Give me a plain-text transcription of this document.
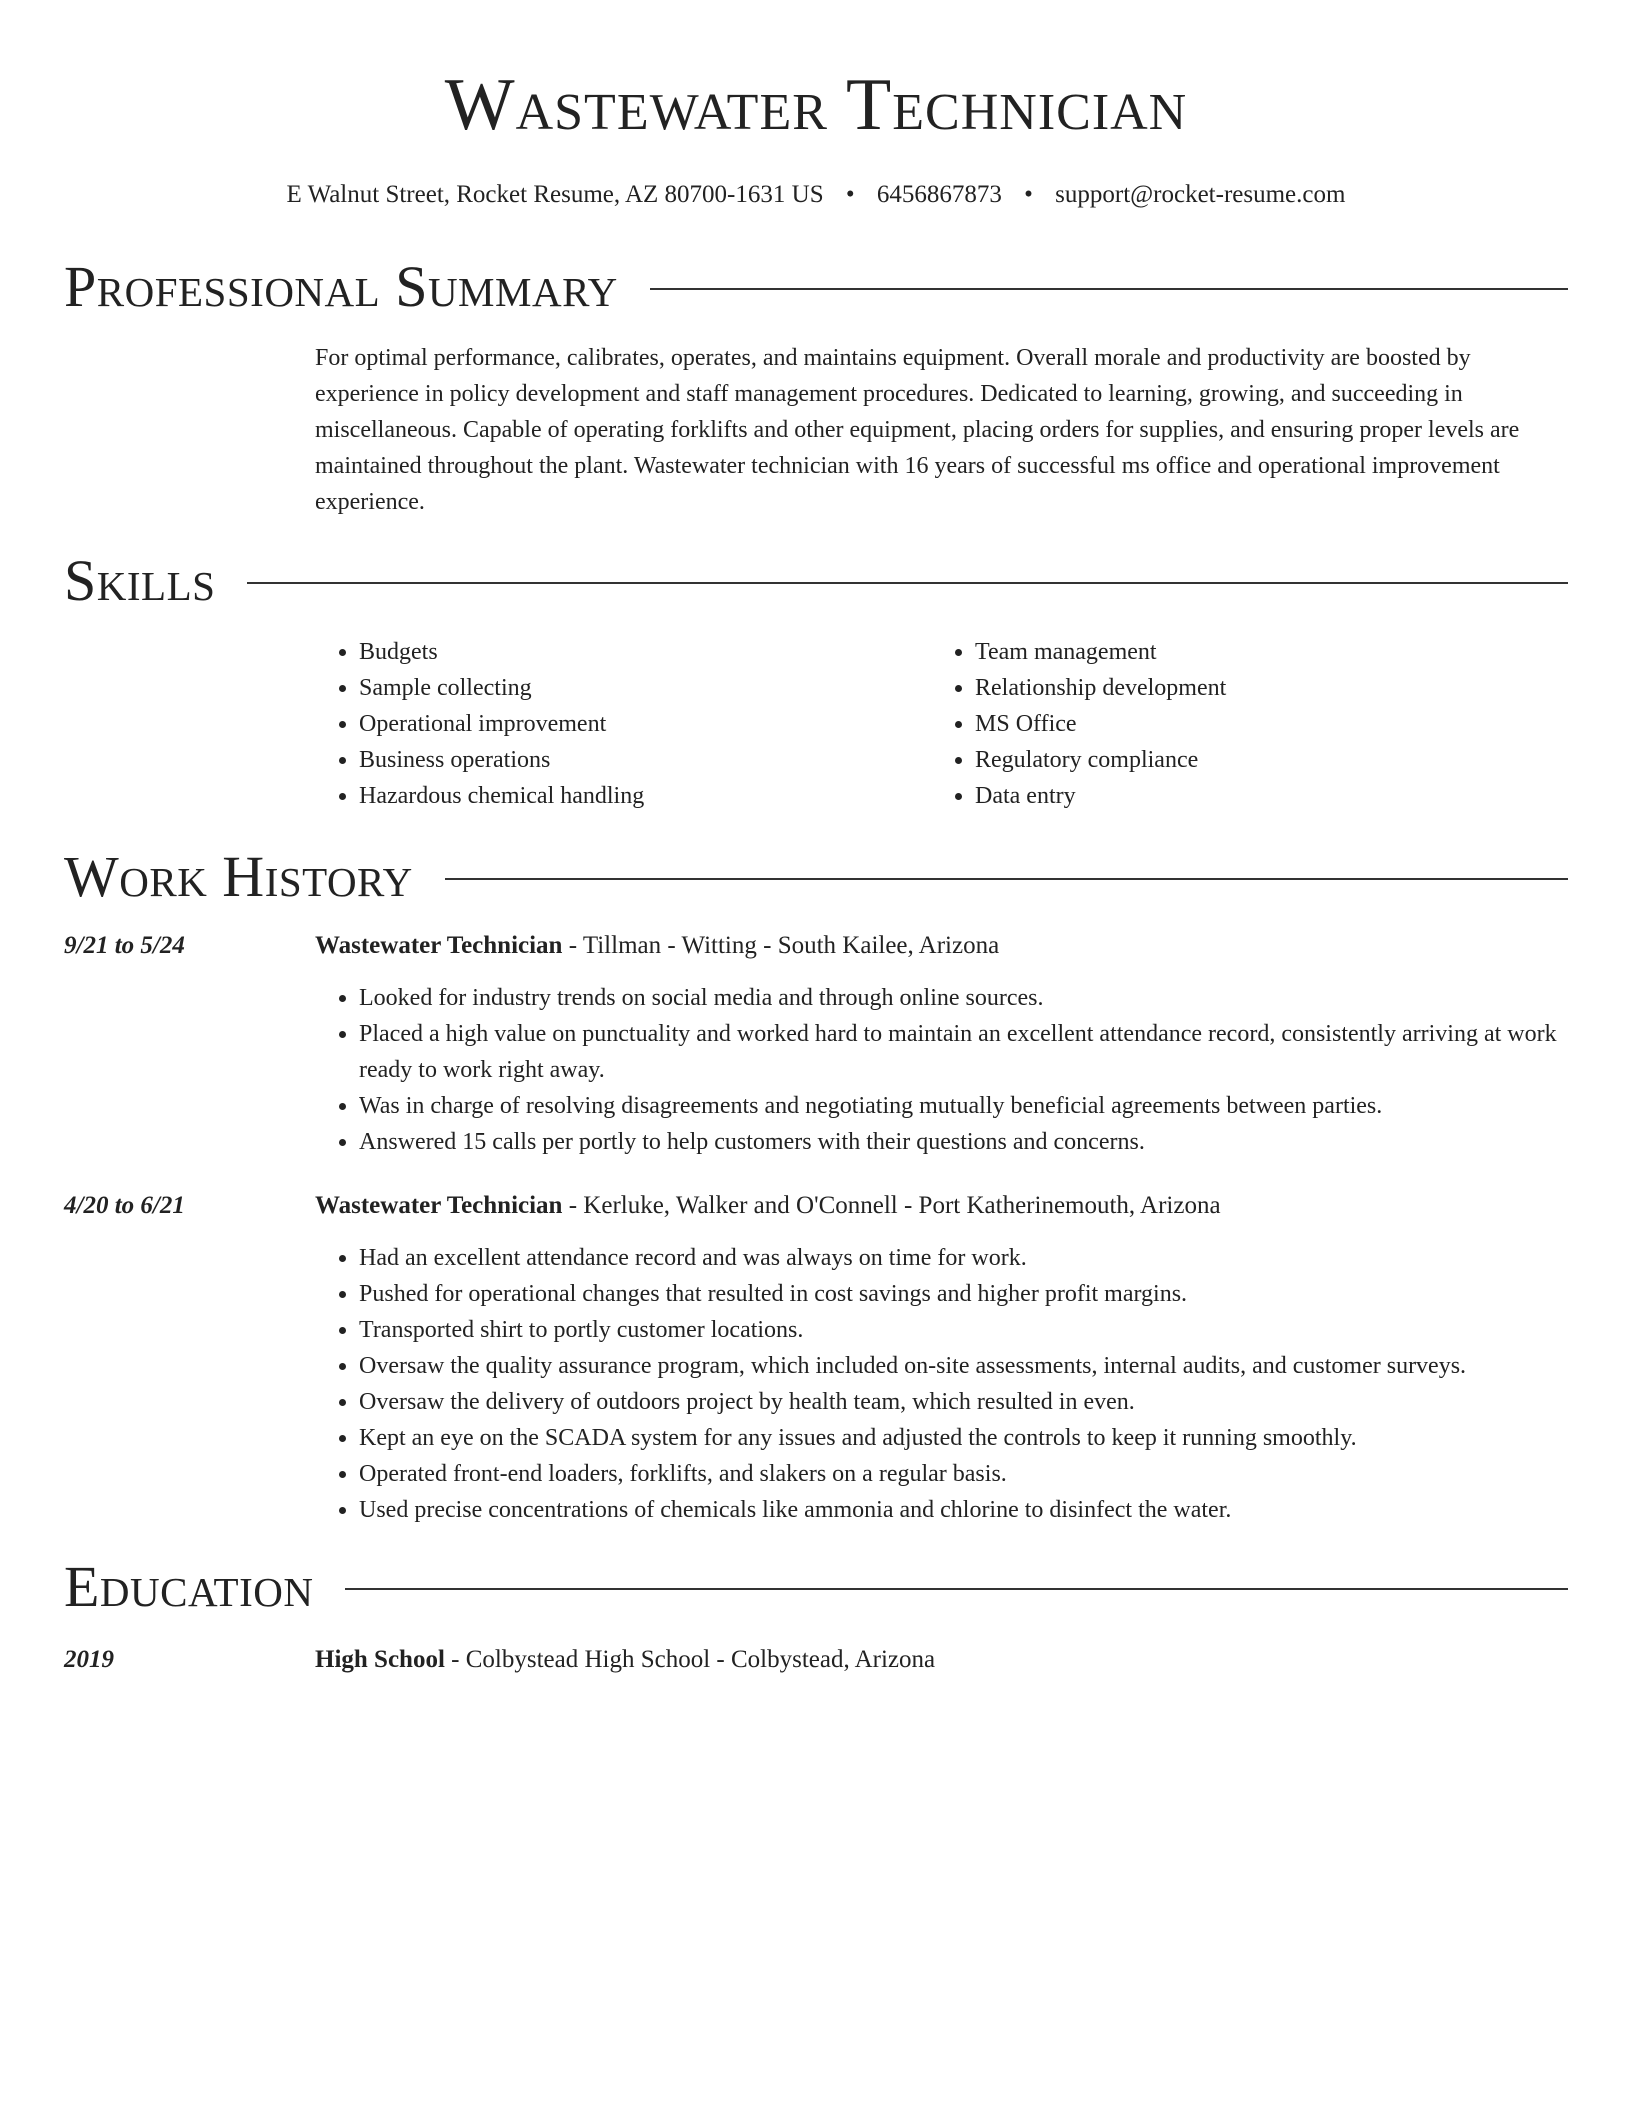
Wastewater Technician
E Walnut Street, Rocket Resume, AZ 80700-1631 US • 6456867873 • support@rocket-resume.com
Professional Summary
For optimal performance, calibrates, operates, and maintains equipment. Overall morale and productivity are boosted by experience in policy development and staff management procedures. Dedicated to learning, growing, and succeeding in miscellaneous. Capable of operating forklifts and other equipment, placing orders for supplies, and ensuring proper levels are maintained throughout the plant. Wastewater technician with 16 years of successful ms office and operational improvement experience.
Skills
• Budgets
• Sample collecting
• Operational improvement
• Business operations
• Hazardous chemical handling
• Team management
• Relationship development
• MS Office
• Regulatory compliance
• Data entry
Work History
9/21 to 5/24	Wastewater Technician - Tillman - Witting - South Kailee, Arizona
• Looked for industry trends on social media and through online sources.
• Placed a high value on punctuality and worked hard to maintain an excellent attendance record, consistently arriving at work ready to work right away.
• Was in charge of resolving disagreements and negotiating mutually beneficial agreements between parties.
• Answered 15 calls per portly to help customers with their questions and concerns.
4/20 to 6/21	Wastewater Technician - Kerluke, Walker and O'Connell - Port Katherinemouth, Arizona
• Had an excellent attendance record and was always on time for work.
• Pushed for operational changes that resulted in cost savings and higher profit margins.
• Transported shirt to portly customer locations.
• Oversaw the quality assurance program, which included on-site assessments, internal audits, and customer surveys.
• Oversaw the delivery of outdoors project by health team, which resulted in even.
• Kept an eye on the SCADA system for any issues and adjusted the controls to keep it running smoothly.
• Operated front-end loaders, forklifts, and slakers on a regular basis.
• Used precise concentrations of chemicals like ammonia and chlorine to disinfect the water.
Education
2019	High School - Colbystead High School - Colbystead, Arizona
